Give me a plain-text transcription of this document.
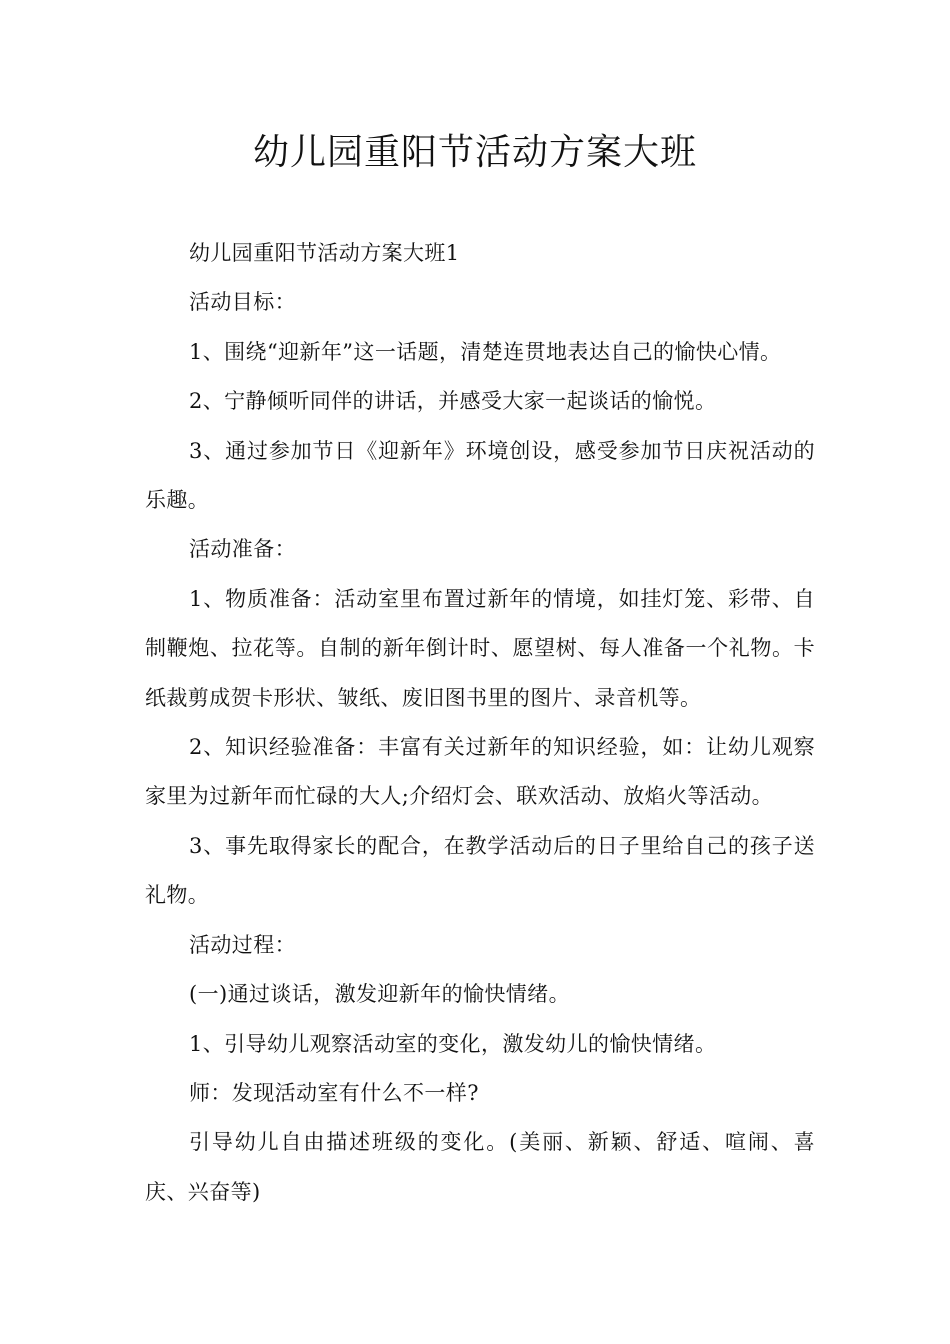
幼儿园重阳节活动方案大班

幼儿园重阳节活动方案大班1

活动目标：

1、围绕“迎新年”这一话题，清楚连贯地表达自己的愉快心情。

2、宁静倾听同伴的讲话，并感受大家一起谈话的愉悦。

3、通过参加节日《迎新年》环境创设，感受参加节日庆祝活动的乐趣。

活动准备：

1、物质准备：活动室里布置过新年的情境，如挂灯笼、彩带、自制鞭炮、拉花等。自制的新年倒计时、愿望树、每人准备一个礼物。卡纸裁剪成贺卡形状、皱纸、废旧图书里的图片、录音机等。

2、知识经验准备：丰富有关过新年的知识经验，如：让幼儿观察家里为过新年而忙碌的大人;介绍灯会、联欢活动、放焰火等活动。

3、事先取得家长的配合，在教学活动后的日子里给自己的孩子送礼物。

活动过程：

(一)通过谈话，激发迎新年的愉快情绪。

1、引导幼儿观察活动室的变化，激发幼儿的愉快情绪。

师：发现活动室有什么不一样?

引导幼儿自由描述班级的变化。(美丽、新颖、舒适、喧闹、喜庆、兴奋等)
